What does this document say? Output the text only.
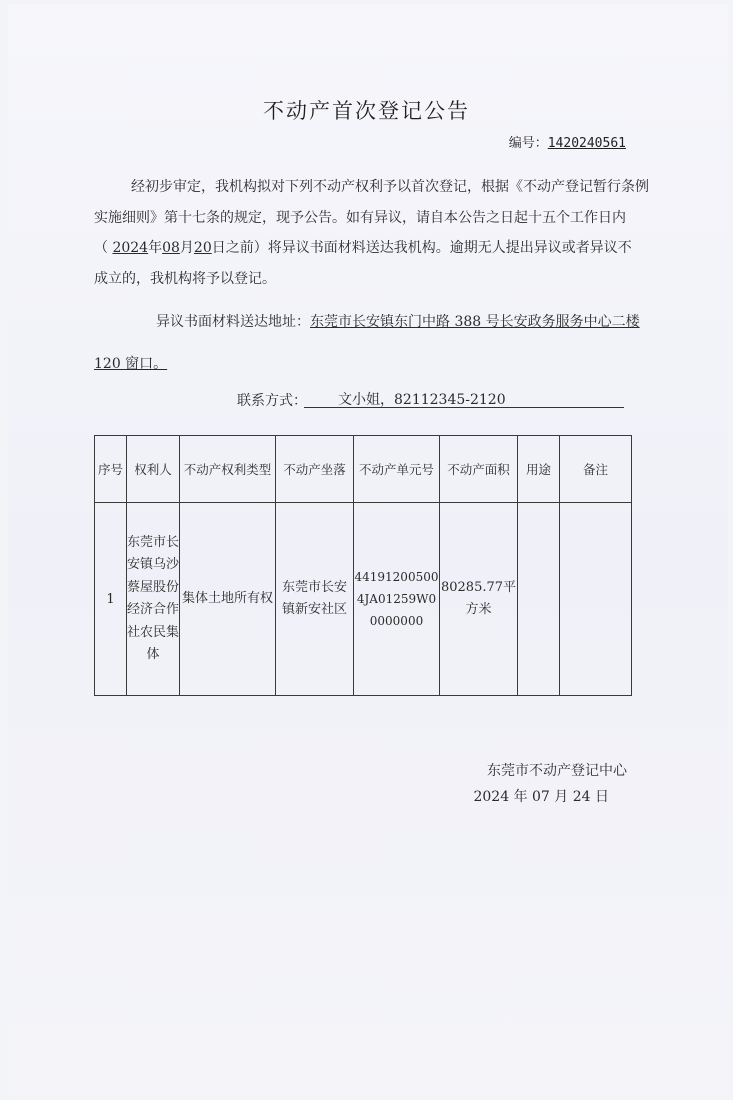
不动产首次登记公告
编号：1420240561
经初步审定，我机构拟对下列不动产权利予以首次登记，根据《不动产登记暂行条例
实施细则》第十七条的规定，现予公告。如有异议，请自本公告之日起十五个工作日内
（ 2024年08月20日之前）将异议书面材料送达我机构。逾期无人提出异议或者异议不
成立的，我机构将予以登记。
异议书面材料送达地址：东莞市长安镇东门中路 388 号长安政务服务中心二楼
120 窗口。
联系方式： 文小姐，82112345-2120
序号	权利人	不动产权利类型	不动产坐落	不动产单元号	不动产面积	用途	备注
1	东莞市长安镇乌沙蔡屋股份经济合作社农民集体	集体土地所有权	东莞市长安镇新安社区	441912005004JA01259W00000000	80285.77平方米		
东莞市不动产登记中心
2024 年 07 月 24 日
